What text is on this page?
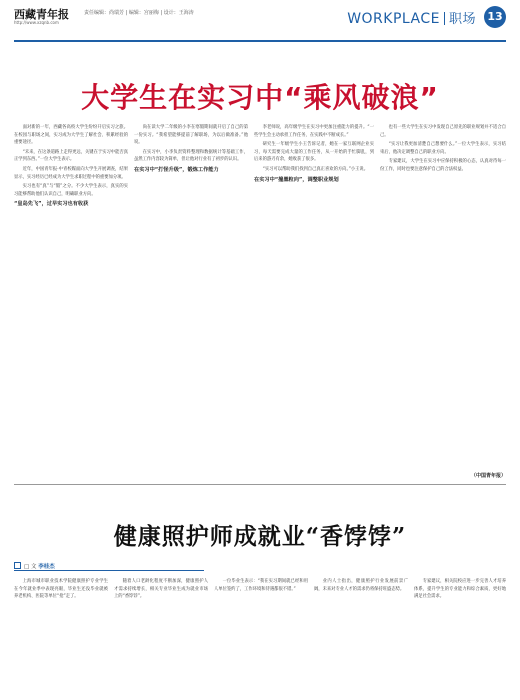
西藏青年报
http://www.xzqnb.com
责任编辑：尚瑞芳 | 编辑：宫丽梅 | 设计：王海涛	WORKPLACE 职场	13
大学生在实习中“乘风破浪”

面对新的一年，西藏各高校大学生纷纷开启实习之旅。在校园与职场之间，实习成为大学生了解社会、积累经验的重要途径。

“未来，在这条道路上走得更远，关键在于实习中能否真正学到东西。”一位大学生表示。

近年，中国青年报·中青校媒面向大学生开展调查，结果显示，实习经历已经成为大学生求职过程中的重要加分项。

实习也有“真”与“假”之分。不少大学生表示，真实的实习能够帮助他们认识自己，明确职业方向。

“皇岛先飞”，过早实习也有收获

尚在读大学二年级的小李在寒假期间就开启了自己的第一份实习。“我希望能够提前了解职场，为以后做准备。”他说。

在实习中，小李负责资料整理和数据统计等基础工作，虽然工作内容较为简单，但让他对行业有了初步的认识。

在实习中“打怪升级”，锻炼工作能力

李老师说，高年级学生在实习中更加注重能力的提升。“一些学生会主动承担工作任务，在实践中不断成长。”

研究生一年级学生小王告诉记者，她在一家互联网企业实习，每天需要完成大量的工作任务，从一开始的手忙脚乱，到后来的游刃有余，她收获了很多。

“实习可以帮助我们找到自己真正喜欢的方向。”小王说。

在实习中“撞墨粒向”，调整职业规划

也有一些大学生在实习中发现自己原先的职业规划并不适合自己。

“实习让我更加清楚自己想要什么。”一位大学生表示，实习结束后，他决定调整自己的职业方向。

专家建议，大学生在实习中应保持积极的心态，认真对待每一份工作，同时也要注意保护自己的合法权益。

（中国青年报）
健康照护师成就业“香饽饽”
□ 文 李桂杰

上海市城市职业技术学院健康照护专业学生在今年就业季中表现亮眼，毕业生还没毕业就被养老机构、医院等单位“抢”走了。

随着人口老龄化程度不断加深，健康照护人才需求持续增长，相关专业毕业生成为就业市场上的“香饽饽”。

一位毕业生表示：“我在实习期间就已经和用人单位签约了，工作环境和待遇都很不错。”

业内人士指出，健康照护行业发展前景广阔，未来对专业人才的需求仍将保持旺盛态势。

专家建议，相关院校应进一步完善人才培养体系，提升学生的专业能力和综合素质，更好地满足社会需求。
